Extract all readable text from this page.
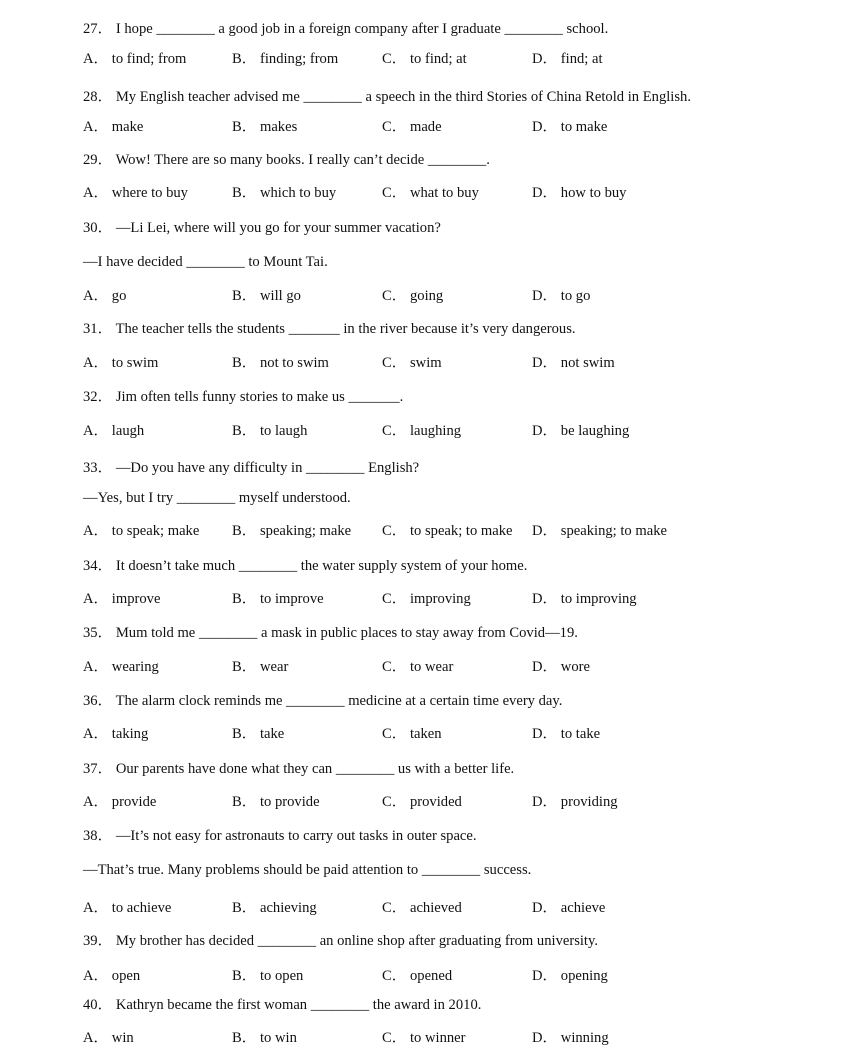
27． I hope ________ a good job in a foreign company after I graduate ________ school.
A． to find; from	B． finding; from	C． to find; at	D． find; at
28． My English teacher advised me ________ a speech in the third Stories of China Retold in English.
A． make	B． makes	C． made	D． to make
29． Wow! There are so many books. I really can’t decide ________.
A． where to buy	B． which to buy	C． what to buy	D． how to buy
30． —Li Lei, where will you go for your summer vacation?
—I have decided ________ to Mount Tai.
A． go	B． will go	C． going	D． to go
31． The teacher tells the students _______ in the river because it’s very dangerous.
A． to swim	B． not to swim	C． swim	D． not swim
32． Jim often tells funny stories to make us _______.
A． laugh	B． to laugh	C． laughing	D． be laughing
33． —Do you have any difficulty in ________ English?
—Yes, but I try ________ myself understood.
A． to speak; make B． speaking; make C． to speak; to make D． speaking; to make
34． It doesn’t take much ________ the water supply system of your home.
A． improve	B． to improve	C． improving	D． to improving
35． Mum told me ________ a mask in public places to stay away from Covid—19.
A． wearing	B． wear	C． to wear	D． wore
36． The alarm clock reminds me ________ medicine at a certain time every day.
A． taking	B． take	C． taken	D． to take
37． Our parents have done what they can ________ us with a better life.
A． provide	B． to provide	C． provided	D． providing
38． —It’s not easy for astronauts to carry out tasks in outer space.
—That’s true. Many problems should be paid attention to ________ success.
A． to achieve	B． achieving	C． achieved	D． achieve
39． My brother has decided ________ an online shop after graduating from university.
A． open	B． to open	C． opened	D． opening
40． Kathryn became the first woman ________ the award in 2010.
A． win	B． to win	C． to winner	D． winning
